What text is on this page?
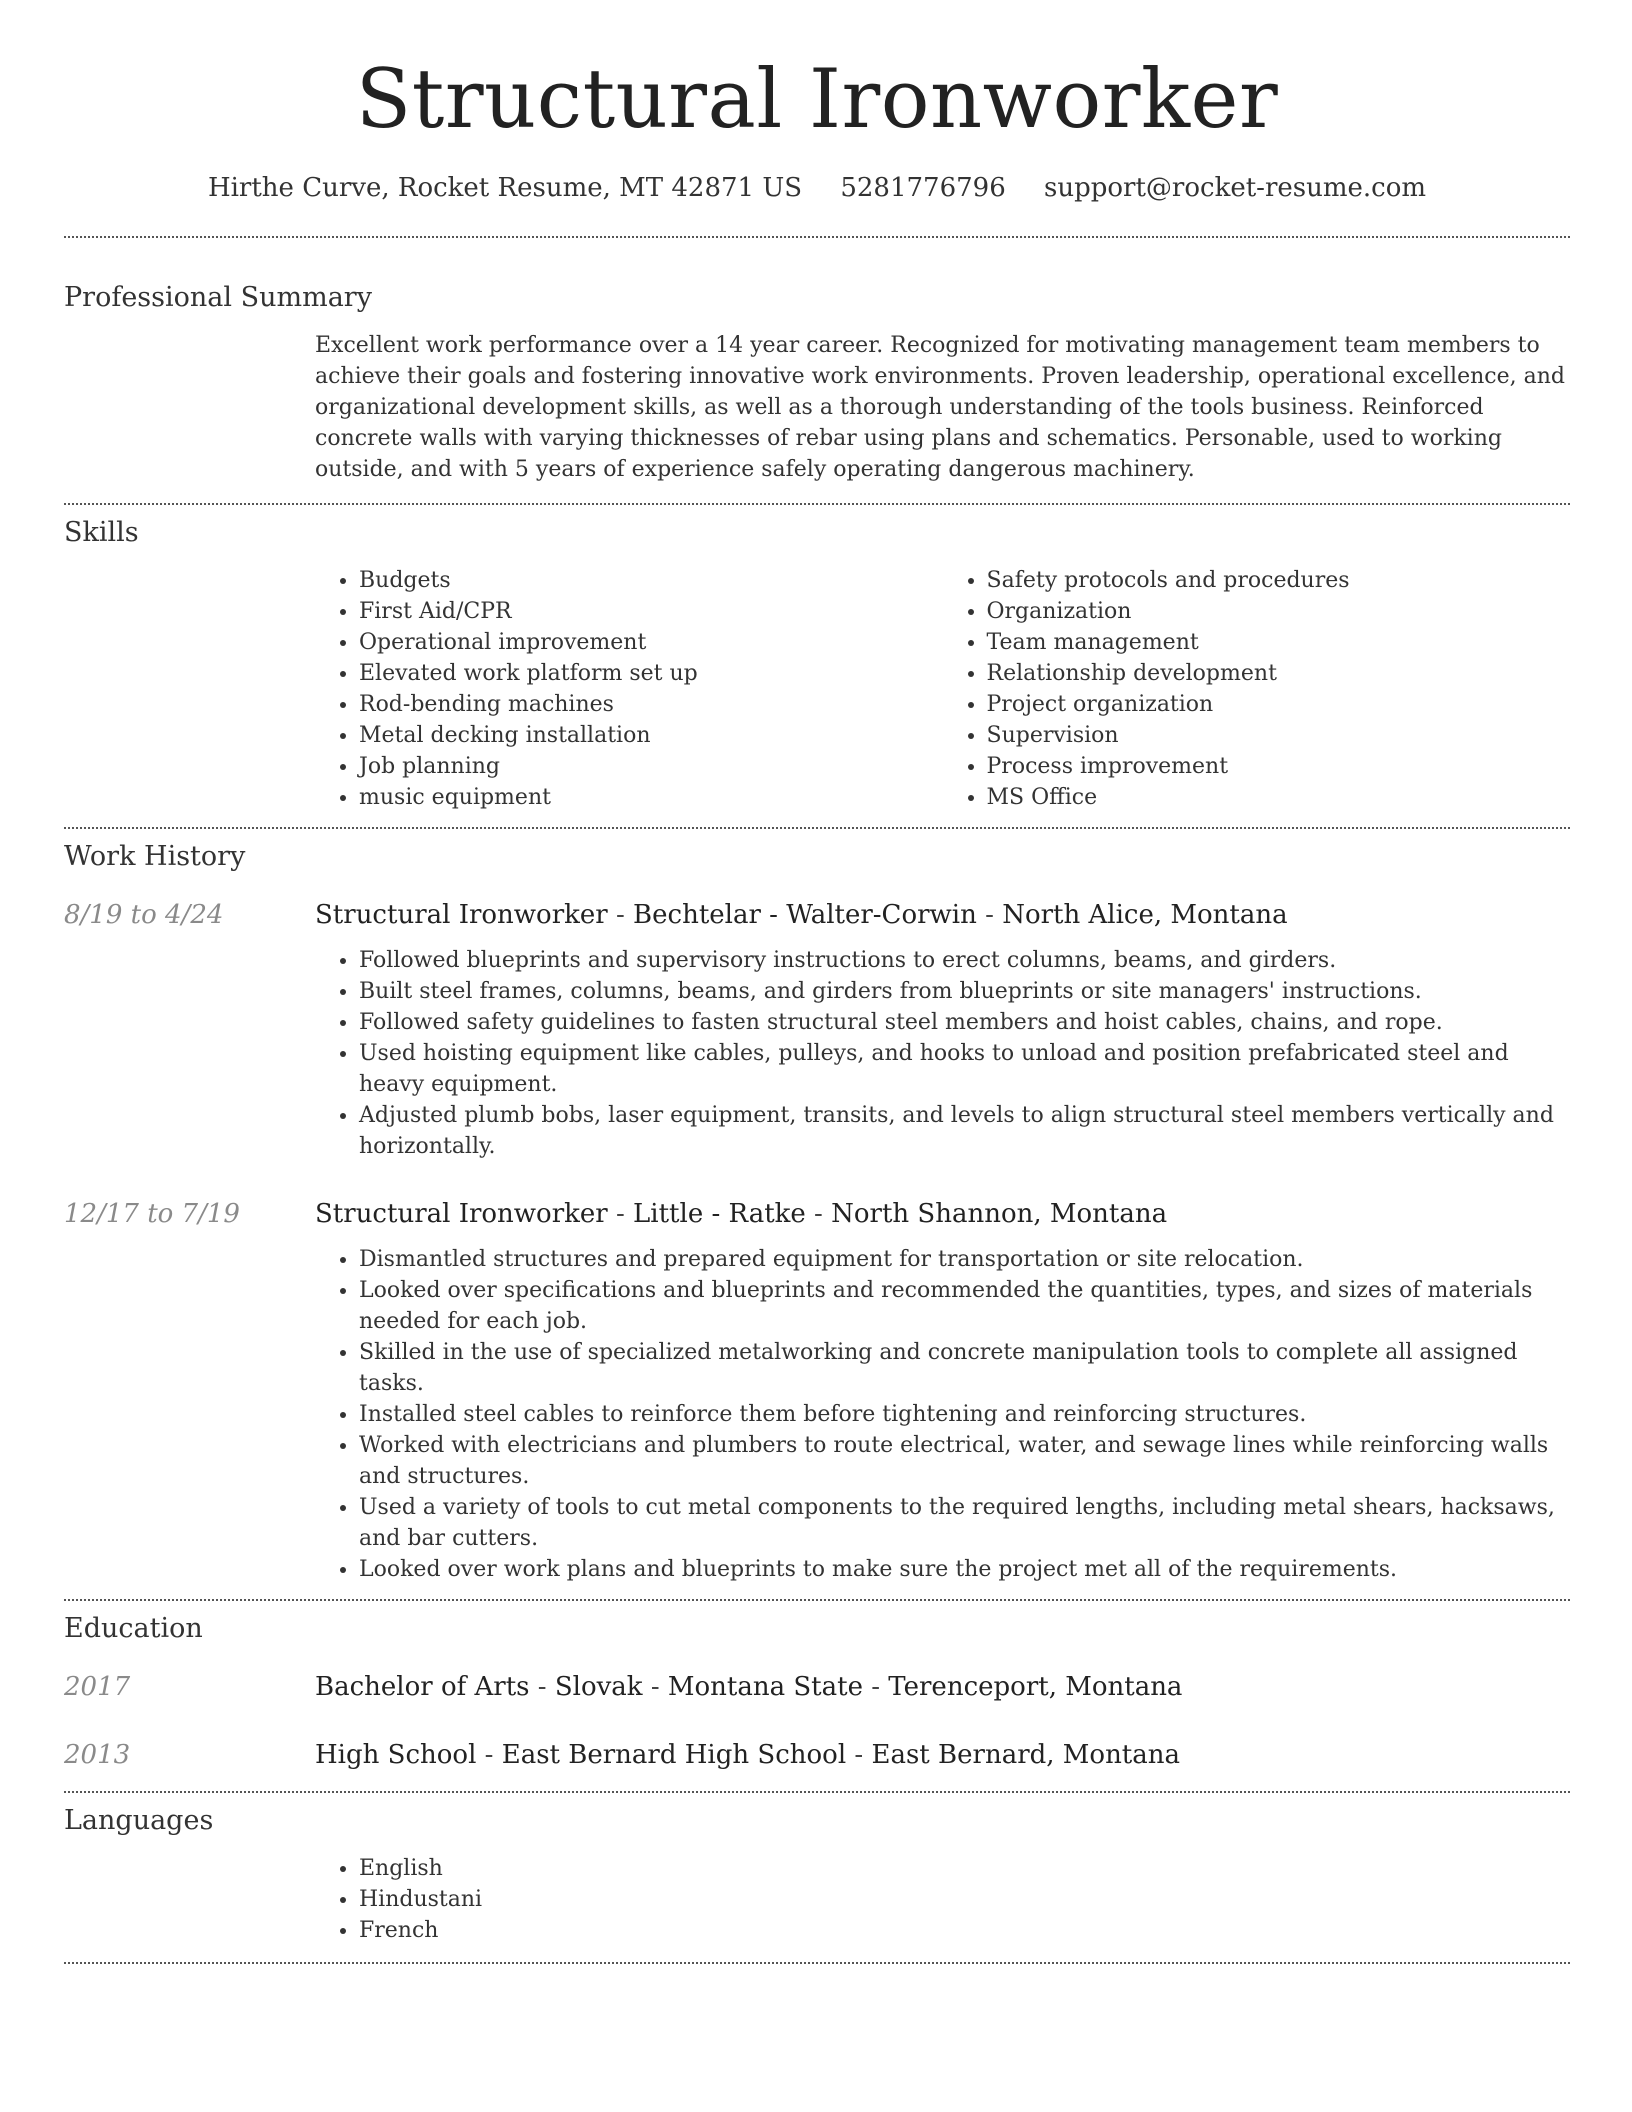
Structural Ironworker
Hirthe Curve, Rocket Resume, MT 42871 US 5281776796 support@rocket-resume.com
Professional Summary
Excellent work performance over a 14 year career. Recognized for motivating management team members to achieve their goals and fostering innovative work environments. Proven leadership, operational excellence, and organizational development skills, as well as a thorough understanding of the tools business. Reinforced concrete walls with varying thicknesses of rebar using plans and schematics. Personable, used to working outside, and with 5 years of experience safely operating dangerous machinery.
Skills
• Budgets
• First Aid/CPR
• Operational improvement
• Elevated work platform set up
• Rod-bending machines
• Metal decking installation
• Job planning
• music equipment
• Safety protocols and procedures
• Organization
• Team management
• Relationship development
• Project organization
• Supervision
• Process improvement
• MS Office
Work History
8/19 to 4/24	Structural Ironworker - Bechtelar - Walter-Corwin - North Alice, Montana
• Followed blueprints and supervisory instructions to erect columns, beams, and girders.
• Built steel frames, columns, beams, and girders from blueprints or site managers' instructions.
• Followed safety guidelines to fasten structural steel members and hoist cables, chains, and rope.
• Used hoisting equipment like cables, pulleys, and hooks to unload and position prefabricated steel and heavy equipment.
• Adjusted plumb bobs, laser equipment, transits, and levels to align structural steel members vertically and horizontally.
12/17 to 7/19	Structural Ironworker - Little - Ratke - North Shannon, Montana
• Dismantled structures and prepared equipment for transportation or site relocation.
• Looked over specifications and blueprints and recommended the quantities, types, and sizes of materials needed for each job.
• Skilled in the use of specialized metalworking and concrete manipulation tools to complete all assigned tasks.
• Installed steel cables to reinforce them before tightening and reinforcing structures.
• Worked with electricians and plumbers to route electrical, water, and sewage lines while reinforcing walls and structures.
• Used a variety of tools to cut metal components to the required lengths, including metal shears, hacksaws, and bar cutters.
• Looked over work plans and blueprints to make sure the project met all of the requirements.
Education
2017	Bachelor of Arts - Slovak - Montana State - Terenceport, Montana
2013	High School - East Bernard High School - East Bernard, Montana
Languages
• English
• Hindustani
• French
